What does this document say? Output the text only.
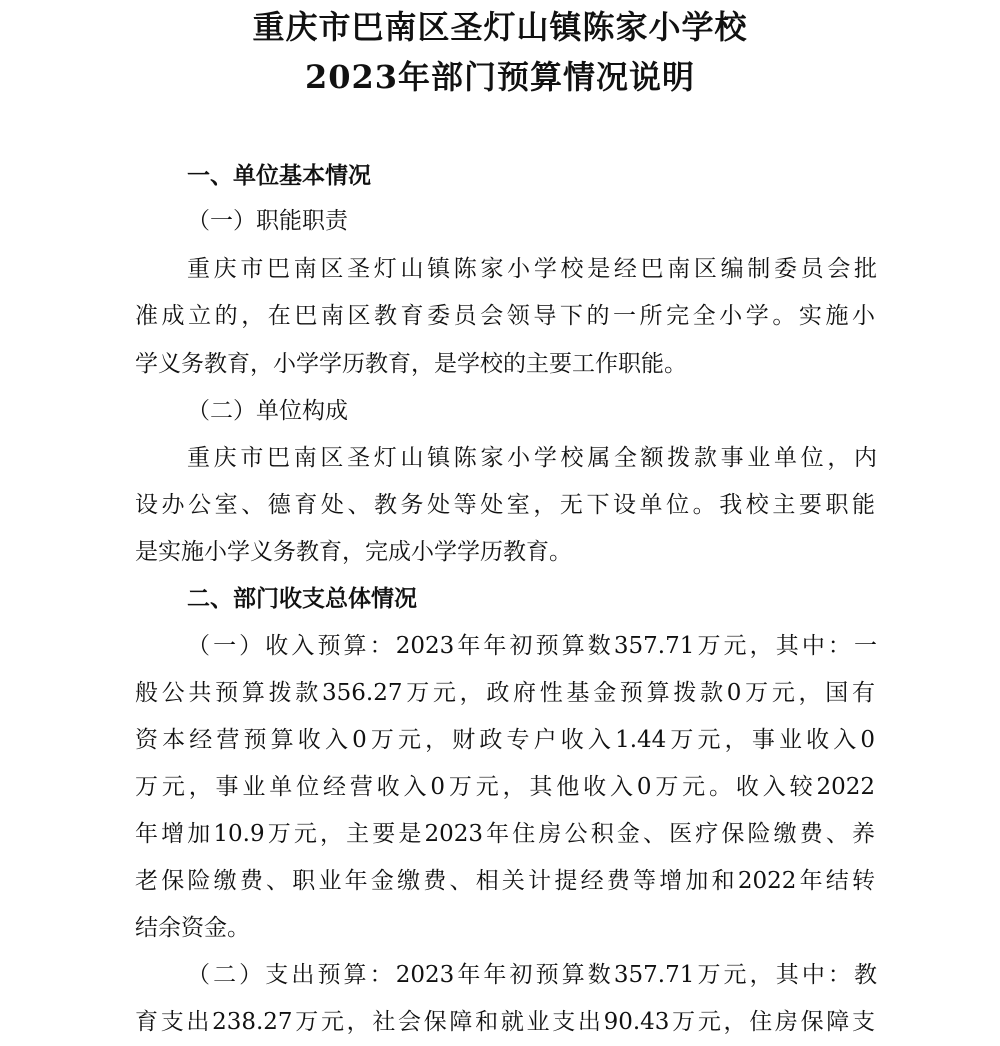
重庆市巴南区圣灯山镇陈家小学校
2023年部门预算情况说明
一、单位基本情况
（一）职能职责
重庆市巴南区圣灯山镇陈家小学校是经巴南区编制委员会批
准成立的，在巴南区教育委员会领导下的一所完全小学。实施小
学义务教育，小学学历教育，是学校的主要工作职能。
（二）单位构成
重庆市巴南区圣灯山镇陈家小学校属全额拨款事业单位，内
设办公室、德育处、教务处等处室，无下设单位。我校主要职能
是实施小学义务教育，完成小学学历教育。
二、部门收支总体情况
（一）收入预算：2023年年初预算数357.71万元，其中：一
般公共预算拨款356.27万元，政府性基金预算拨款0万元，国有
资本经营预算收入0万元，财政专户收入1.44万元，事业收入0
万元，事业单位经营收入0万元，其他收入0万元。收入较2022
年增加10.9万元，主要是2023年住房公积金、医疗保险缴费、养
老保险缴费、职业年金缴费、相关计提经费等增加和2022年结转
结余资金。
（二）支出预算：2023年年初预算数357.71万元，其中：教
育支出238.27万元，社会保障和就业支出90.43万元，住房保障支
